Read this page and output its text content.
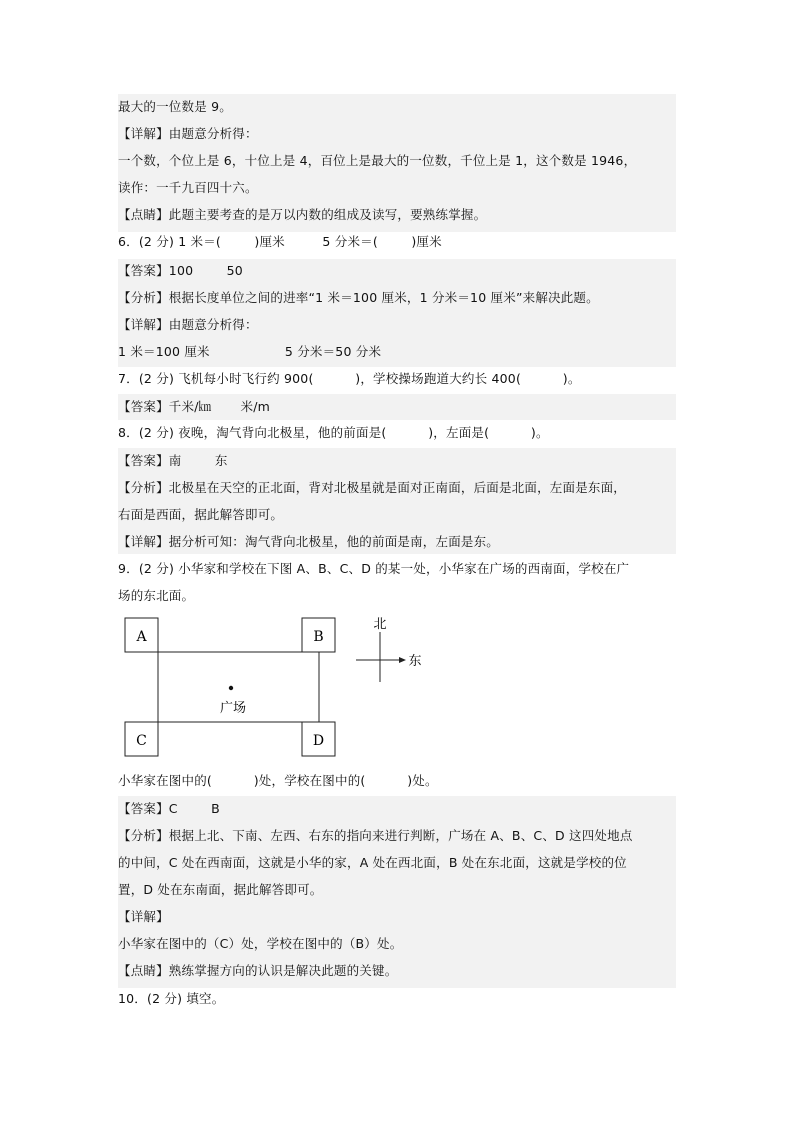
最大的一位数是 9。
【详解】由题意分析得：
一个数，个位上是 6，十位上是 4，百位上是最大的一位数，千位上是 1，这个数是 1946，
读作：一千九百四十六。
【点睛】此题主要考查的是万以内数的组成及读写，要熟练掌握。
6．(2 分) 1 米＝(        )厘米         5 分米＝(        )厘米
【答案】100        50
【分析】根据长度单位之间的进率“1 米＝100 厘米，1 分米＝10 厘米”来解决此题。
【详解】由题意分析得：
1 米＝100 厘米                  5 分米＝50 分米
7．(2 分) 飞机每小时飞行约 900(          )，学校操场跑道大约长 400(          )。
【答案】千米/㎞       米/m
8．(2 分) 夜晚，淘气背向北极星，他的前面是(          )，左面是(          )。
【答案】南        东
【分析】北极星在天空的正北面，背对北极星就是面对正南面，后面是北面，左面是东面，
右面是西面，据此解答即可。
【详解】据分析可知：淘气背向北极星，他的前面是南，左面是东。
9．(2 分) 小华家和学校在下图 A、B、C、D 的某一处，小华家在广场的西南面，学校在广
场的东北面。
A	B
C	D
广场
北
东
小华家在图中的(          )处，学校在图中的(          )处。
【答案】C        B
【分析】根据上北、下南、左西、右东的指向来进行判断，广场在 A、B、C、D 这四处地点
的中间，C 处在西南面，这就是小华的家，A 处在西北面，B 处在东北面，这就是学校的位
置，D 处在东南面，据此解答即可。
【详解】
小华家在图中的（C）处，学校在图中的（B）处。
【点睛】熟练掌握方向的认识是解决此题的关键。
10．(2 分) 填空。
